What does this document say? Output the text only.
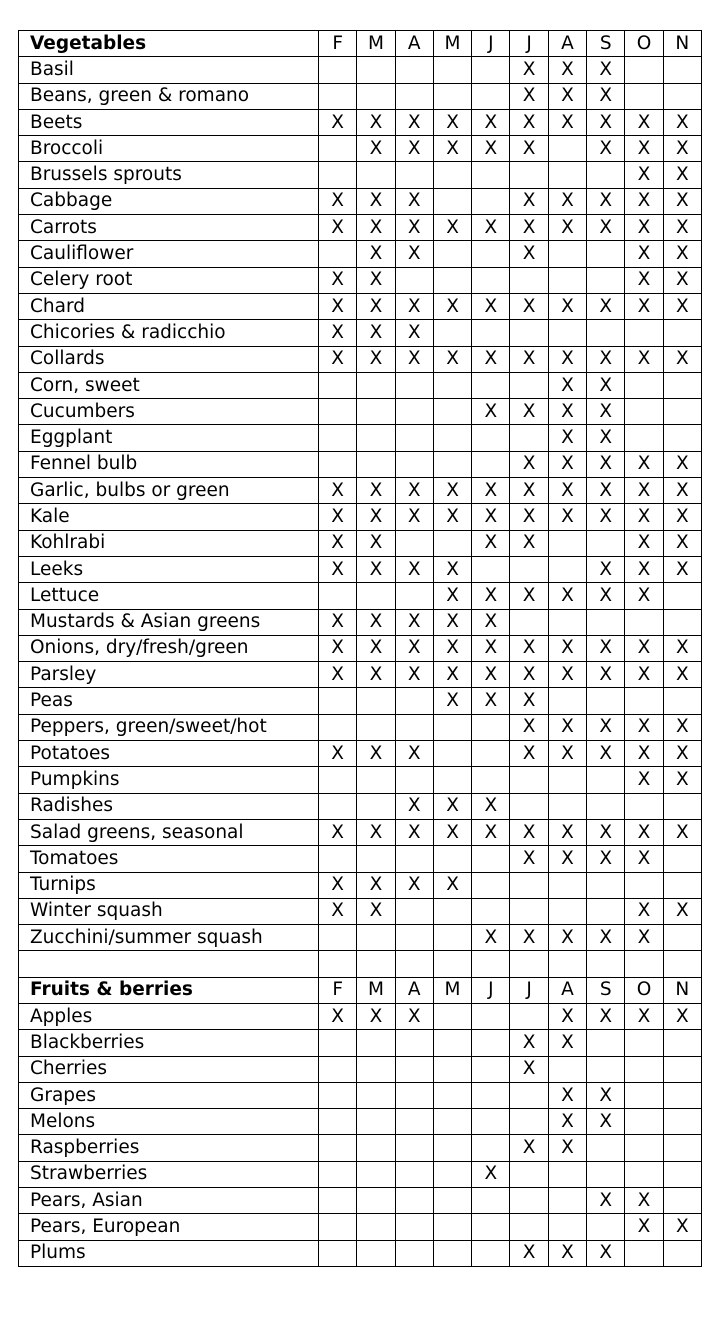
Vegetables	F	M	A	M	J	J	A	S	O	N
Basil						X	X	X		
Beans, green & romano						X	X	X		
Beets	X	X	X	X	X	X	X	X	X	X
Broccoli		X	X	X	X	X		X	X	X
Brussels sprouts									X	X
Cabbage	X	X	X			X	X	X	X	X
Carrots	X	X	X	X	X	X	X	X	X	X
Cauliflower		X	X			X			X	X
Celery root	X	X							X	X
Chard	X	X	X	X	X	X	X	X	X	X
Chicories & radicchio	X	X	X							
Collards	X	X	X	X	X	X	X	X	X	X
Corn, sweet							X	X		
Cucumbers					X	X	X	X		
Eggplant							X	X		
Fennel bulb						X	X	X	X	X
Garlic, bulbs or green	X	X	X	X	X	X	X	X	X	X
Kale	X	X	X	X	X	X	X	X	X	X
Kohlrabi	X	X			X	X			X	X
Leeks	X	X	X	X				X	X	X
Lettuce				X	X	X	X	X	X	
Mustards & Asian greens	X	X	X	X	X					
Onions, dry/fresh/green	X	X	X	X	X	X	X	X	X	X
Parsley	X	X	X	X	X	X	X	X	X	X
Peas				X	X	X				
Peppers, green/sweet/hot						X	X	X	X	X
Potatoes	X	X	X			X	X	X	X	X
Pumpkins									X	X
Radishes			X	X	X					
Salad greens, seasonal	X	X	X	X	X	X	X	X	X	X
Tomatoes						X	X	X	X	
Turnips	X	X	X	X						
Winter squash	X	X							X	X
Zucchini/summer squash					X	X	X	X	X	

Fruits & berries	F	M	A	M	J	J	A	S	O	N
Apples	X	X	X				X	X	X	X
Blackberries						X	X			
Cherries						X				
Grapes							X	X		
Melons							X	X		
Raspberries						X	X			
Strawberries					X					
Pears, Asian								X	X	
Pears, European									X	X
Plums						X	X	X		
